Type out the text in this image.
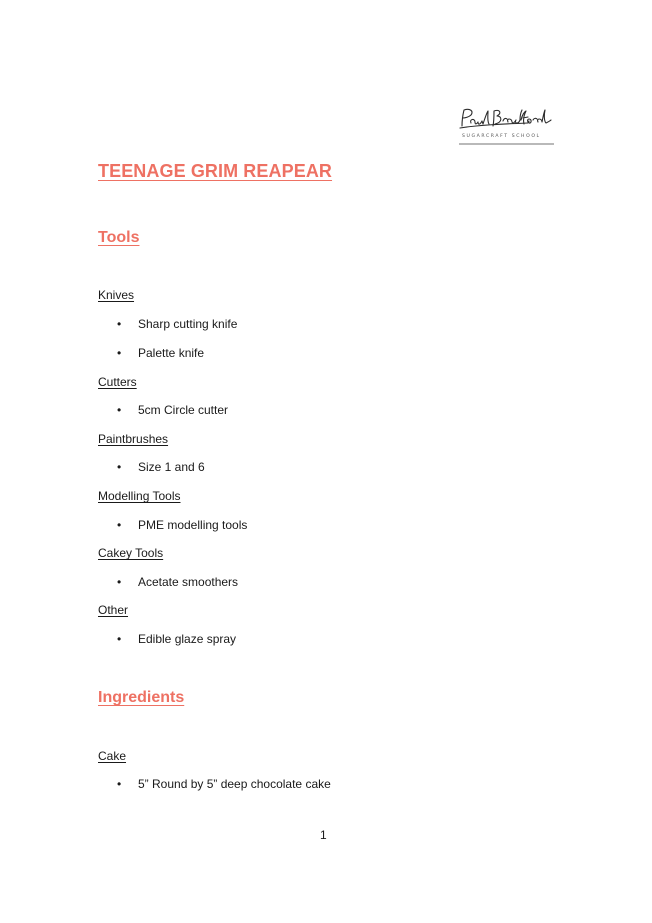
SUGARCRAFT SCHOOL
TEENAGE GRIM REAPEAR
Tools
Knives
•	Sharp cutting knife
•	Palette knife
Cutters
•	5cm Circle cutter
Paintbrushes
•	Size 1 and 6
Modelling Tools
•	PME modelling tools
Cakey Tools
•	Acetate smoothers
Other
•	Edible glaze spray
Ingredients
Cake
•	5” Round by 5” deep chocolate cake
1
